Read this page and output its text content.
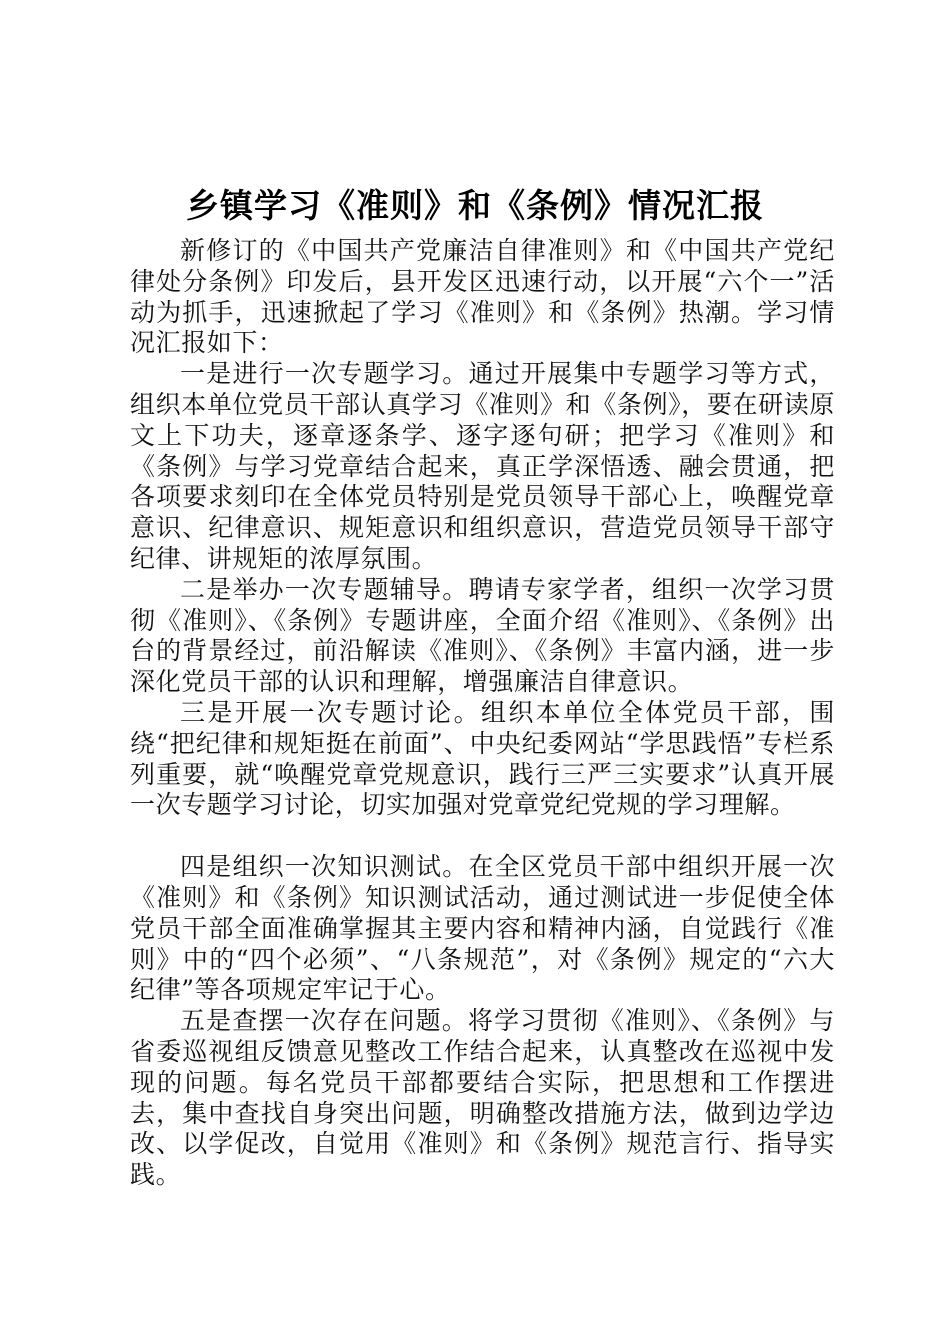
乡镇学习《准则》和《条例》情况汇报

新修订的《中国共产党廉洁自律准则》和《中国共产党纪律处分条例》印发后，县开发区迅速行动，以开展“六个一”活动为抓手，迅速掀起了学习《准则》和《条例》热潮。学习情况汇报如下：

一是进行一次专题学习。通过开展集中专题学习等方式，组织本单位党员干部认真学习《准则》和《条例》，要在研读原文上下功夫，逐章逐条学、逐字逐句研；把学习《准则》和《条例》与学习党章结合起来，真正学深悟透、融会贯通，把各项要求刻印在全体党员特别是党员领导干部心上，唤醒党章意识、纪律意识、规矩意识和组织意识，营造党员领导干部守纪律、讲规矩的浓厚氛围。

二是举办一次专题辅导。聘请专家学者，组织一次学习贯彻《准则》、《条例》专题讲座，全面介绍《准则》、《条例》出台的背景经过，前沿解读《准则》、《条例》丰富内涵，进一步深化党员干部的认识和理解，增强廉洁自律意识。

三是开展一次专题讨论。组织本单位全体党员干部，围绕“把纪律和规矩挺在前面”、中央纪委网站“学思践悟”专栏系列重要，就“唤醒党章党规意识，践行三严三实要求”认真开展一次专题学习讨论，切实加强对党章党纪党规的学习理解。

四是组织一次知识测试。在全区党员干部中组织开展一次《准则》和《条例》知识测试活动，通过测试进一步促使全体党员干部全面准确掌握其主要内容和精神内涵，自觉践行《准则》中的“四个必须”、“八条规范”，对《条例》规定的“六大纪律”等各项规定牢记于心。

五是查摆一次存在问题。将学习贯彻《准则》、《条例》与省委巡视组反馈意见整改工作结合起来，认真整改在巡视中发现的问题。每名党员干部都要结合实际，把思想和工作摆进去，集中查找自身突出问题，明确整改措施方法，做到边学边改、以学促改，自觉用《准则》和《条例》规范言行、指导实践。
